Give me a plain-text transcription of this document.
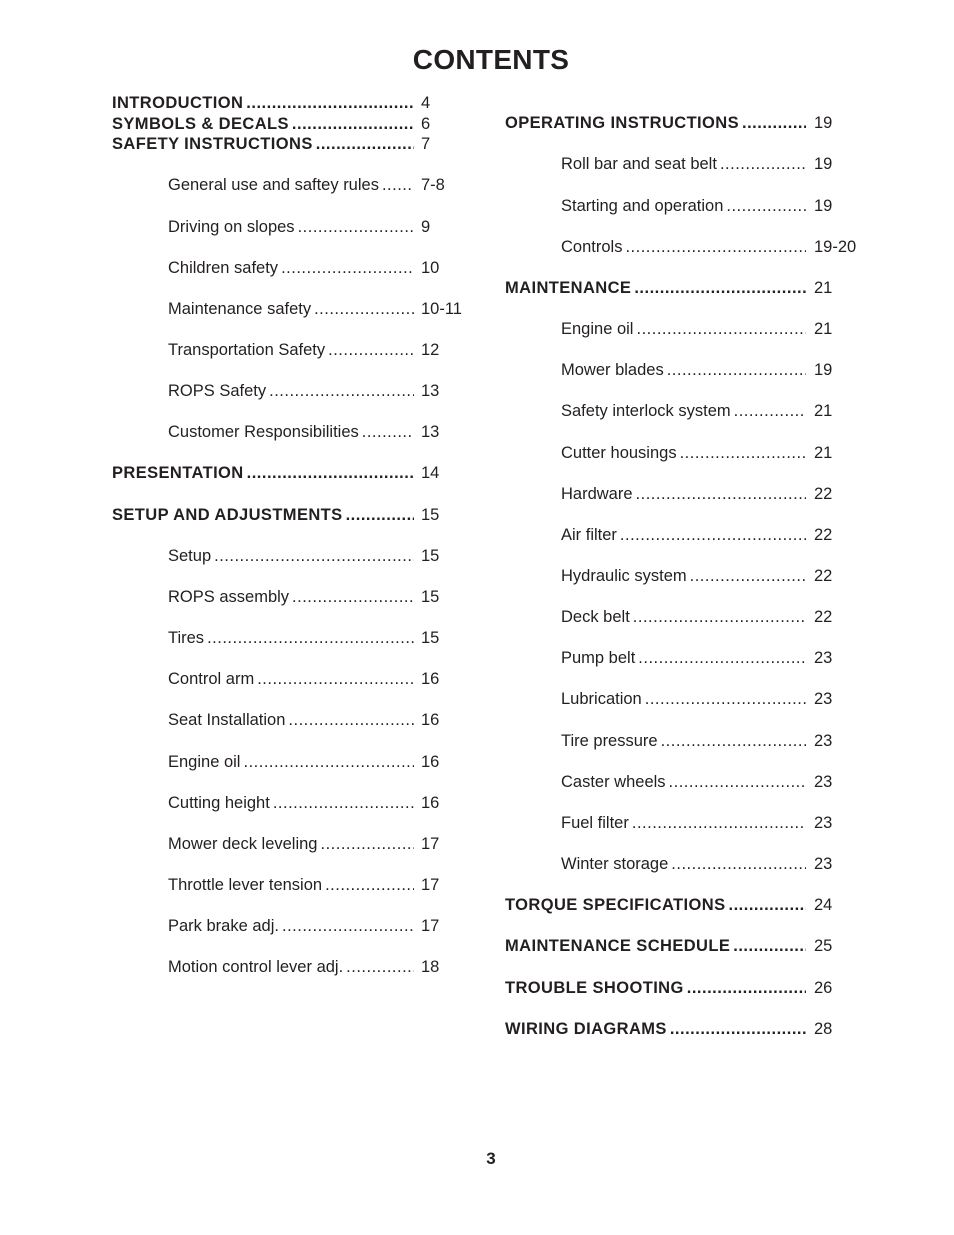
CONTENTS
INTRODUCTION .....	4
SYMBOLS & DECALS .....	6
SAFETY INSTRUCTIONS .....	7
General use and saftey rules .....	7-8
Driving on slopes .....	9
Children safety .....	10
Maintenance safety .....	10-11
Transportation Safety .....	12
ROPS Safety .....	13
Customer Responsibilities .....	13
PRESENTATION .....	14
SETUP AND ADJUSTMENTS .....	15
Setup .....	15
ROPS assembly .....	15
Tires .....	15
Control arm .....	16
Seat Installation .....	16
Engine oil .....	16
Cutting height .....	16
Mower deck leveling .....	17
Throttle lever tension .....	17
Park brake adj. .....	17
Motion control lever adj. .....	18
OPERATING INSTRUCTIONS .....	19
Roll bar and seat belt .....	19
Starting and operation .....	19
Controls .....	19-20
MAINTENANCE .....	21
Engine oil .....	21
Mower blades .....	19
Safety interlock system .....	21
Cutter housings .....	21
Hardware .....	22
Air filter .....	22
Hydraulic system .....	22
Deck belt .....	22
Pump belt .....	23
Lubrication .....	23
Tire pressure .....	23
Caster wheels .....	23
Fuel filter .....	23
Winter storage .....	23
TORQUE SPECIFICATIONS .....	24
MAINTENANCE SCHEDULE .....	25
TROUBLE SHOOTING .....	26
WIRING DIAGRAMS .....	28
3
